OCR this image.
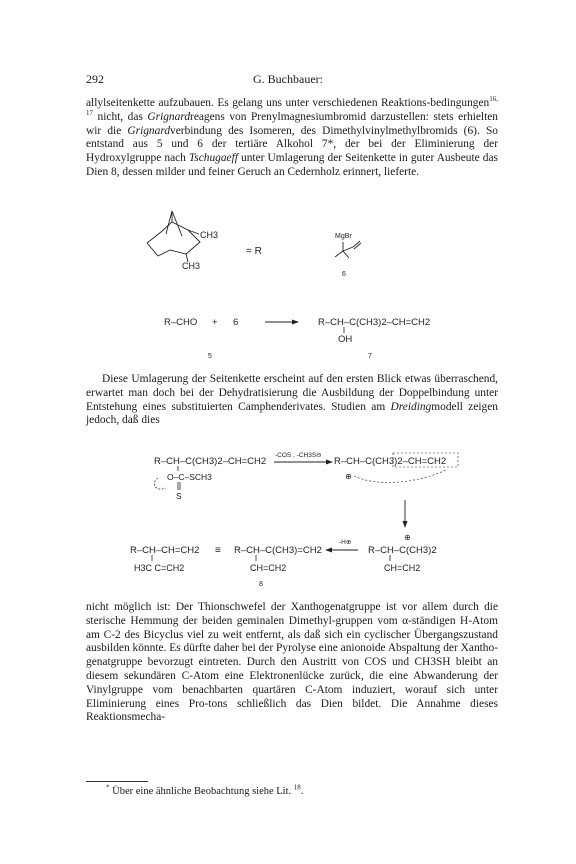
292	G. Buchbauer:

allylseitenkette aufzubauen. Es gelang uns unter verschiedenen Reaktions-bedingungen$^{16, 17}$ nicht, das Grignardreagens von Prenylmagnesiumbromid darzustellen: stets erhielten wir die Grignardverbindung des Isomeren, des Dimethylvinylmethylbromids (6). So entstand aus 5 und 6 der tertiäre Alkohol 7*, der bei der Eliminierung der Hydroxylgruppe nach Tschugaeff unter Umlagerung der Seitenkette in guter Ausbeute das Dien 8, dessen milder und feiner Geruch an Cedernholz erinnert, lieferte.

CH3
CH3
= R
MgBr
6
R–CHO + 6	R–CH–C(CH3)2–CH=CH2
OH
5	7
R–CH–C(CH3)2–CH=CH2
O–C–SCH3
S
-COS , -CH3S⊖
R–CH–C(CH3)2–CH=CH2
⊕
R–CH–CH=CH2
H3C C=CH2
≡ R–CH–C(CH3)=CH2
CH=CH2
-H⊕
⊕
R–CH–C(CH3)2
CH=CH2
8

Diese Umlagerung der Seitenkette erscheint auf den ersten Blick etwas überraschend, erwartet man doch bei der Dehydratisierung die Ausbildung der Doppelbindung unter Entstehung eines substituierten Camphenderivates. Studien am Dreidingmodell zeigen jedoch, daß dies

nicht möglich ist: Der Thionschwefel der Xanthogenatgruppe ist vor allem durch die sterische Hemmung der beiden geminalen Dimethyl-gruppen vom α-ständigen H-Atom am C-2 des Bicyclus viel zu weit entfernt, als daß sich ein cyclischer Übergangszustand ausbilden könnte. Es dürfte daher bei der Pyrolyse eine anionoide Abspaltung der Xantho-genatgruppe bevorzugt eintreten. Durch den Austritt von COS und CH3SH bleibt an diesem sekundären C-Atom eine Elektronenlücke zurück, die eine Abwanderung der Vinylgruppe vom benachbarten quartären C-Atom induziert, worauf sich unter Eliminierung eines Pro-tons schließlich das Dien bildet. Die Annahme dieses Reaktionsmecha-

* Über eine ähnliche Beobachtung siehe Lit. $^{18}$.
